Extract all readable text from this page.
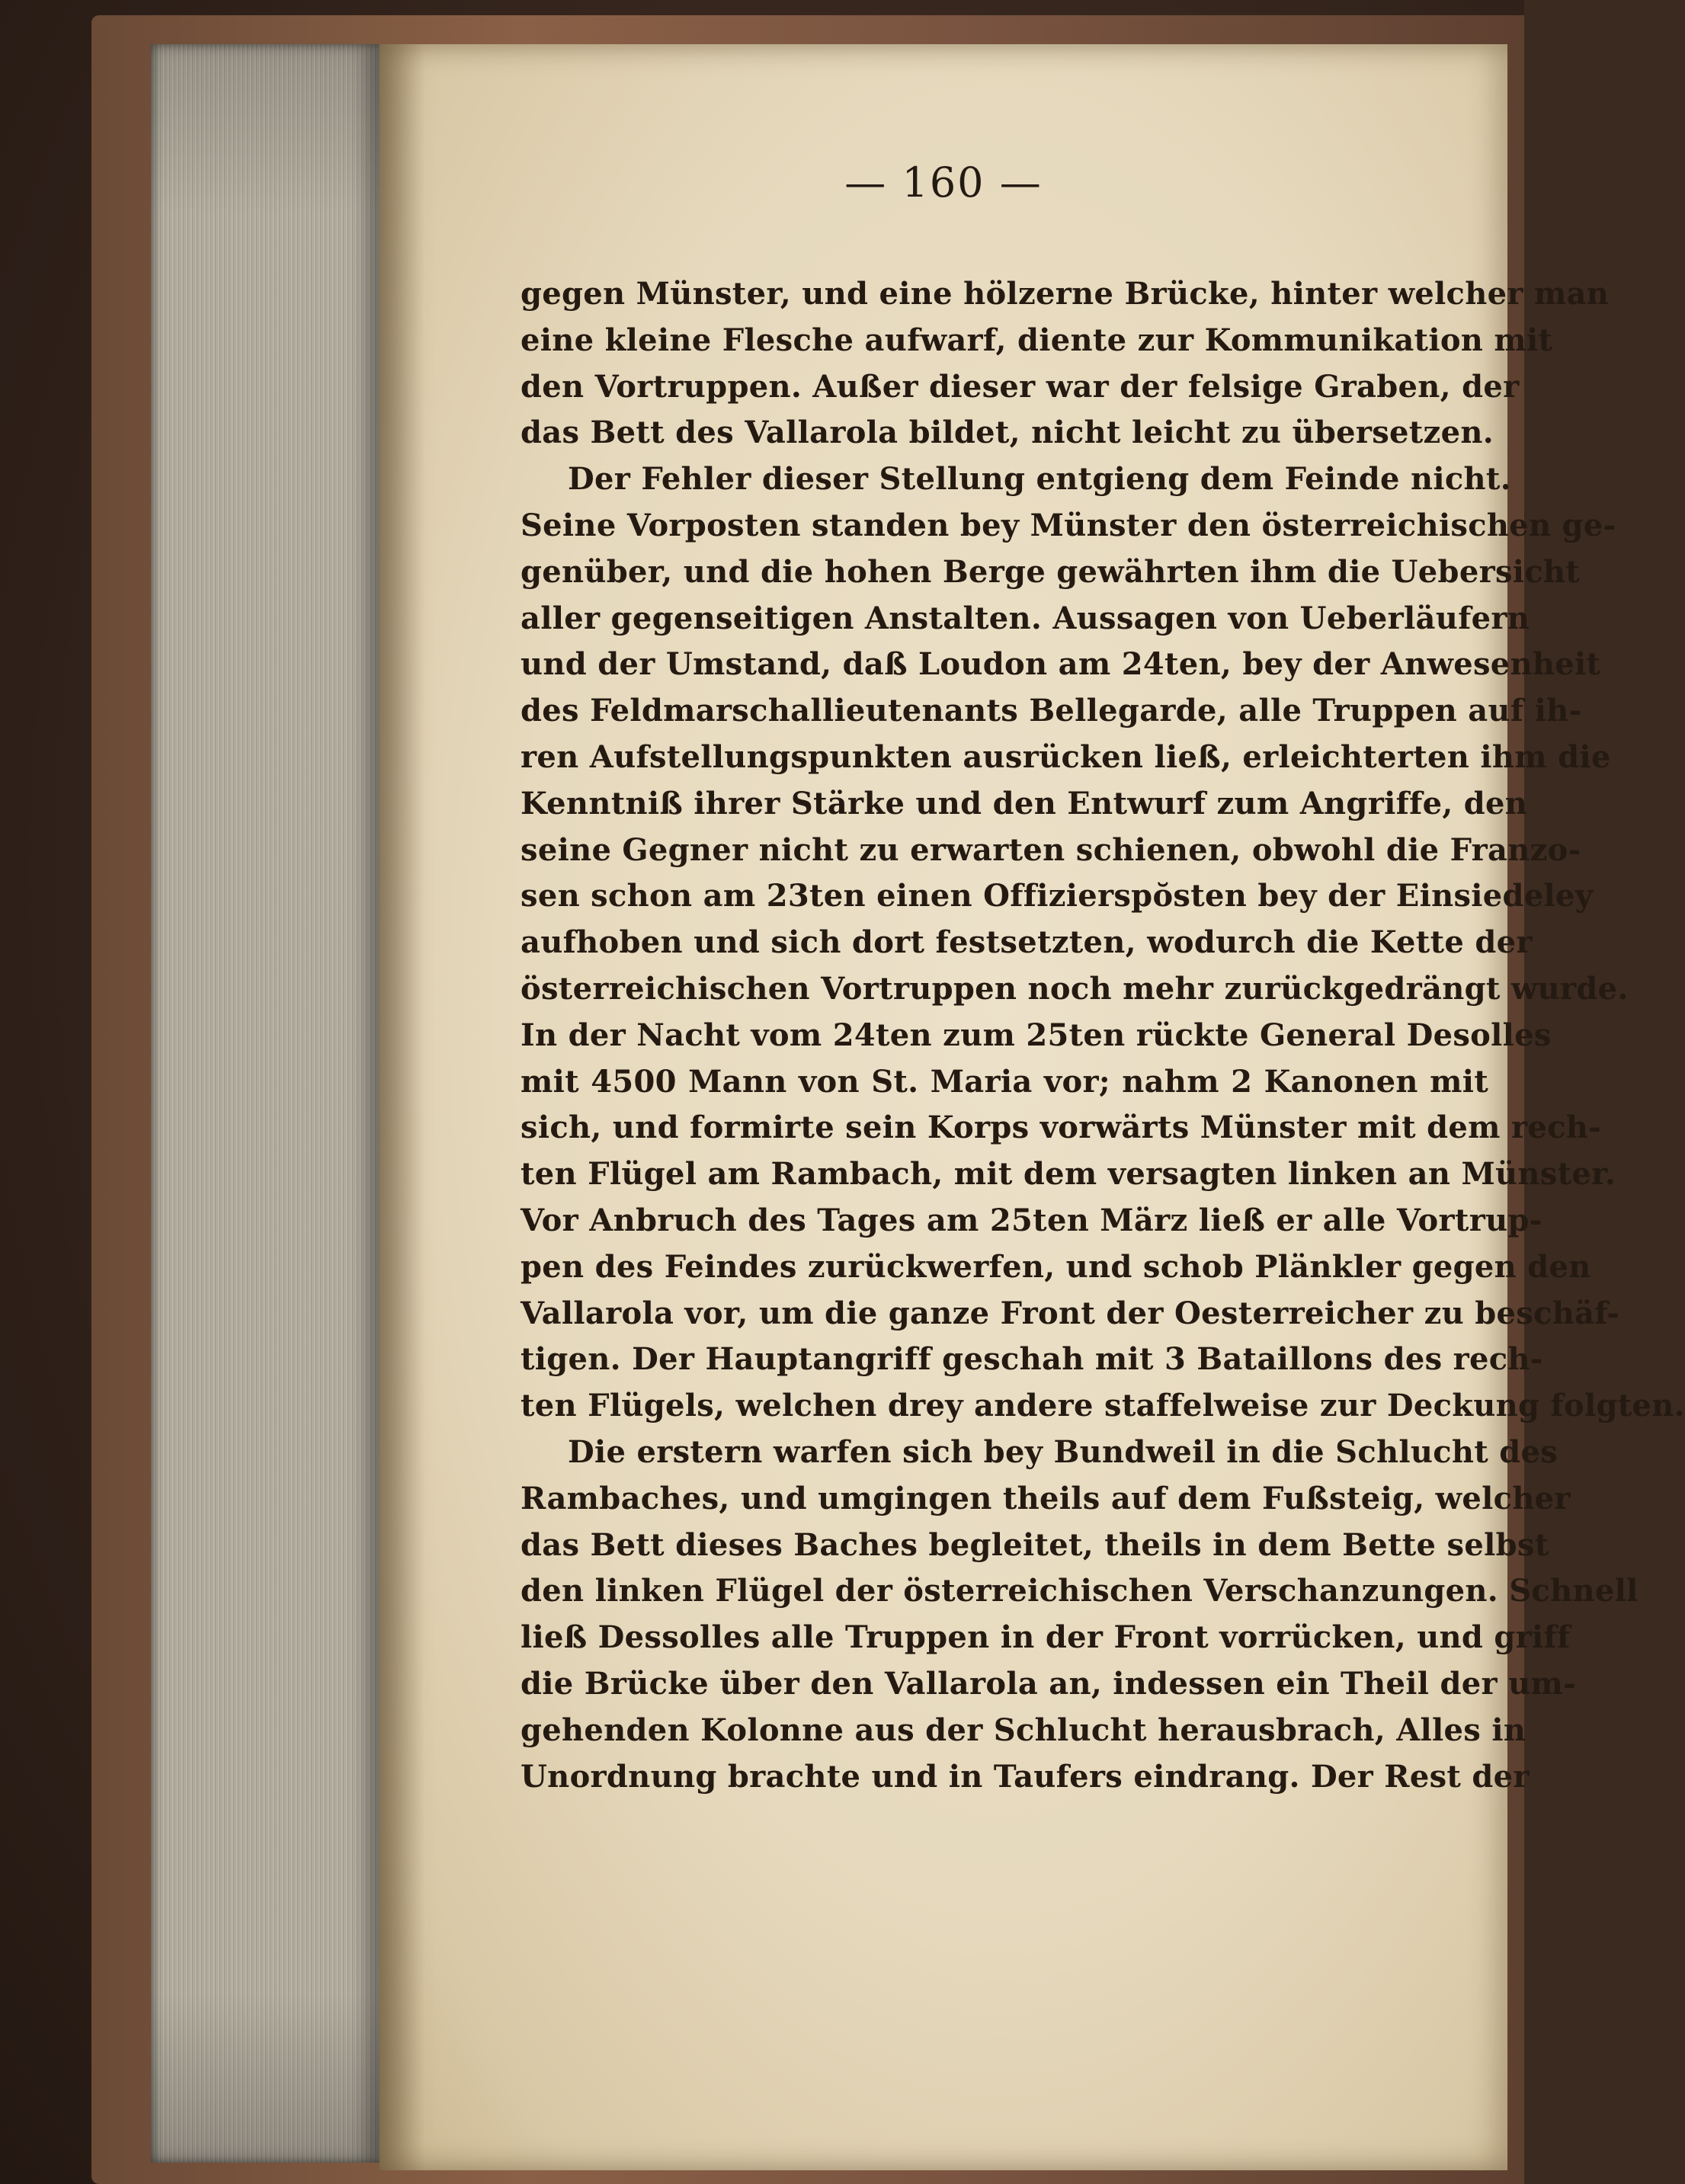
— 160 —
gegen Münster, und eine hölzerne Brücke, hinter welcher man
eine kleine Flesche aufwarf, diente zur Kommunikation mit
den Vortruppen. Außer dieser war der felsige Graben, der
das Bett des Vallarola bildet, nicht leicht zu übersetzen.
Der Fehler dieser Stellung entgieng dem Feinde nicht.
Seine Vorposten standen bey Münster den österreichischen ge-
genüber, und die hohen Berge gewährten ihm die Uebersicht
aller gegenseitigen Anstalten. Aussagen von Ueberläufern
und der Umstand, daß Loudon am 24ten, bey der Anwesenheit
des Feldmarschallieutenants Bellegarde, alle Truppen auf ih-
ren Aufstellungspunkten ausrücken ließ, erleichterten ihm die
Kenntniß ihrer Stärke und den Entwurf zum Angriffe, den
seine Gegner nicht zu erwarten schienen, obwohl die Franzo-
sen schon am 23ten einen Offizierspŏsten bey der Einsiedeley
aufhoben und sich dort festsetzten, wodurch die Kette der
österreichischen Vortruppen noch mehr zurückgedrängt wurde.
In der Nacht vom 24ten zum 25ten rückte General Desolles
mit 4500 Mann von St. Maria vor; nahm 2 Kanonen mit
sich, und formirte sein Korps vorwärts Münster mit dem rech-
ten Flügel am Rambach, mit dem versagten linken an Münster.
Vor Anbruch des Tages am 25ten März ließ er alle Vortrup-
pen des Feindes zurückwerfen, und schob Plänkler gegen den
Vallarola vor, um die ganze Front der Oesterreicher zu beschäf-
tigen. Der Hauptangriff geschah mit 3 Bataillons des rech-
ten Flügels, welchen drey andere staffelweise zur Deckung folgten.
Die erstern warfen sich bey Bundweil in die Schlucht des
Rambaches, und umgingen theils auf dem Fußsteig, welcher
das Bett dieses Baches begleitet, theils in dem Bette selbst
den linken Flügel der österreichischen Verschanzungen. Schnell
ließ Dessolles alle Truppen in der Front vorrücken, und griff
die Brücke über den Vallarola an, indessen ein Theil der um-
gehenden Kolonne aus der Schlucht herausbrach, Alles in
Unordnung brachte und in Taufers eindrang. Der Rest der
